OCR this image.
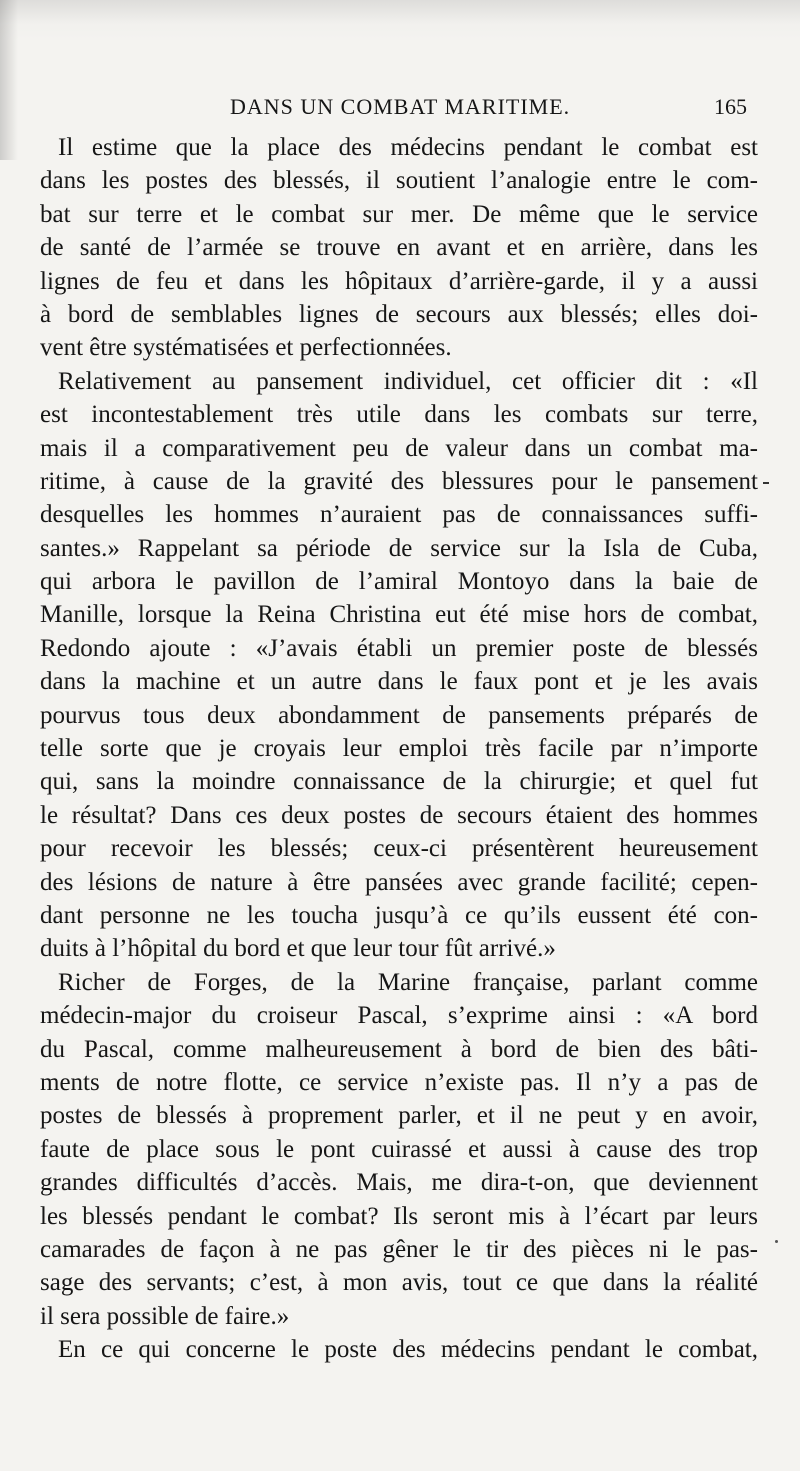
DANS UN COMBAT MARITIME.	165
Il estime que la place des médecins pendant le combat est
dans les postes des blessés, il soutient l’analogie entre le com-
bat sur terre et le combat sur mer. De même que le service
de santé de l’armée se trouve en avant et en arrière, dans les
lignes de feu et dans les hôpitaux d’arrière-garde, il y a aussi
à bord de semblables lignes de secours aux blessés; elles doi-
vent être systématisées et perfectionnées.
Relativement au pansement individuel, cet officier dit : «Il
est incontestablement très utile dans les combats sur terre,
mais il a comparativement peu de valeur dans un combat ma-
ritime, à cause de la gravité des blessures pour le pansement
desquelles les hommes n’auraient pas de connaissances suffi-
santes.» Rappelant sa période de service sur la Isla de Cuba,
qui arbora le pavillon de l’amiral Montoyo dans la baie de
Manille, lorsque la Reina Christina eut été mise hors de combat,
Redondo ajoute : «J’avais établi un premier poste de blessés
dans la machine et un autre dans le faux pont et je les avais
pourvus tous deux abondamment de pansements préparés de
telle sorte que je croyais leur emploi très facile par n’importe
qui, sans la moindre connaissance de la chirurgie; et quel fut
le résultat? Dans ces deux postes de secours étaient des hommes
pour recevoir les blessés; ceux-ci présentèrent heureusement
des lésions de nature à être pansées avec grande facilité; cepen-
dant personne ne les toucha jusqu’à ce qu’ils eussent été con-
duits à l’hôpital du bord et que leur tour fût arrivé.»
Richer de Forges, de la Marine française, parlant comme
médecin-major du croiseur Pascal, s’exprime ainsi : «A bord
du Pascal, comme malheureusement à bord de bien des bâti-
ments de notre flotte, ce service n’existe pas. Il n’y a pas de
postes de blessés à proprement parler, et il ne peut y en avoir,
faute de place sous le pont cuirassé et aussi à cause des trop
grandes difficultés d’accès. Mais, me dira-t-on, que deviennent
les blessés pendant le combat? Ils seront mis à l’écart par leurs
camarades de façon à ne pas gêner le tir des pièces ni le pas-
sage des servants; c’est, à mon avis, tout ce que dans la réalité
il sera possible de faire.»
En ce qui concerne le poste des médecins pendant le combat,
